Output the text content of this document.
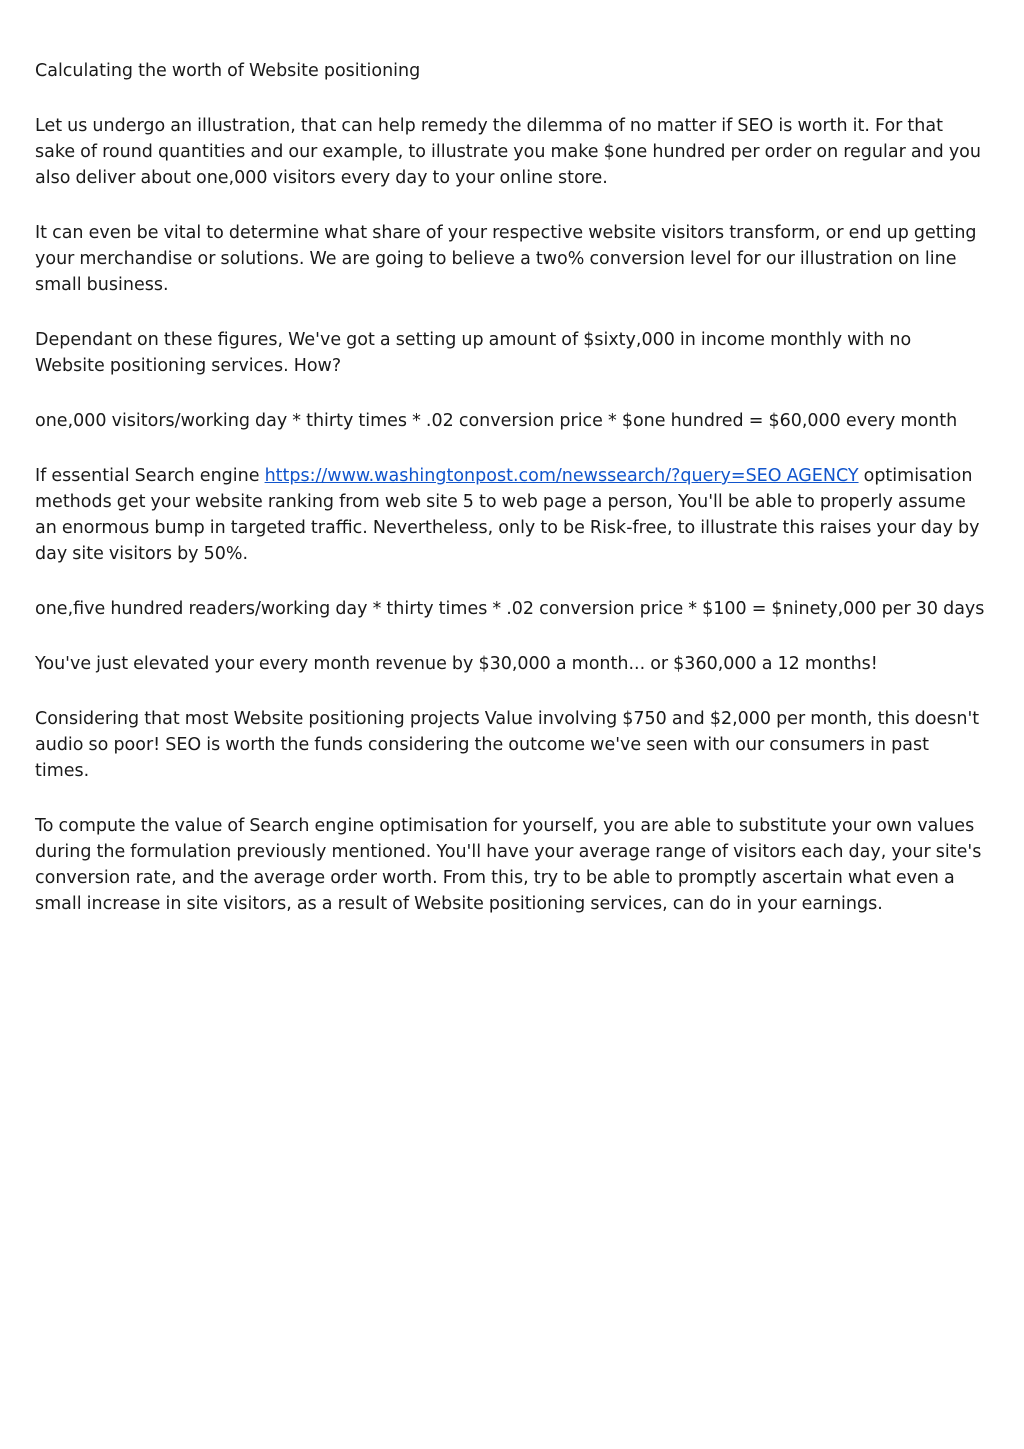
Calculating the worth of Website positioning

Let us undergo an illustration, that can help remedy the dilemma of no matter if SEO is worth it. For that sake of round quantities and our example, to illustrate you make $one hundred per order on regular and you also deliver about one,000 visitors every day to your online store.

It can even be vital to determine what share of your respective website visitors transform, or end up getting your merchandise or solutions. We are going to believe a two% conversion level for our illustration on line small business.

Dependant on these figures, We've got a setting up amount of $sixty,000 in income monthly with no Website positioning services. How?

one,000 visitors/working day * thirty times * .02 conversion price * $one hundred = $60,000 every month

If essential Search engine https://www.washingtonpost.com/newssearch/?query=SEO AGENCY optimisation methods get your website ranking from web site 5 to web page a person, You'll be able to properly assume an enormous bump in targeted traffic. Nevertheless, only to be Risk-free, to illustrate this raises your day by day site visitors by 50%.

one,five hundred readers/working day * thirty times * .02 conversion price * $100 = $ninety,000 per 30 days

You've just elevated your every month revenue by $30,000 a month... or $360,000 a 12 months!

Considering that most Website positioning projects Value involving $750 and $2,000 per month, this doesn't audio so poor! SEO is worth the funds considering the outcome we've seen with our consumers in past times.

To compute the value of Search engine optimisation for yourself, you are able to substitute your own values during the formulation previously mentioned. You'll have your average range of visitors each day, your site's conversion rate, and the average order worth. From this, try to be able to promptly ascertain what even a small increase in site visitors, as a result of Website positioning services, can do in your earnings.
